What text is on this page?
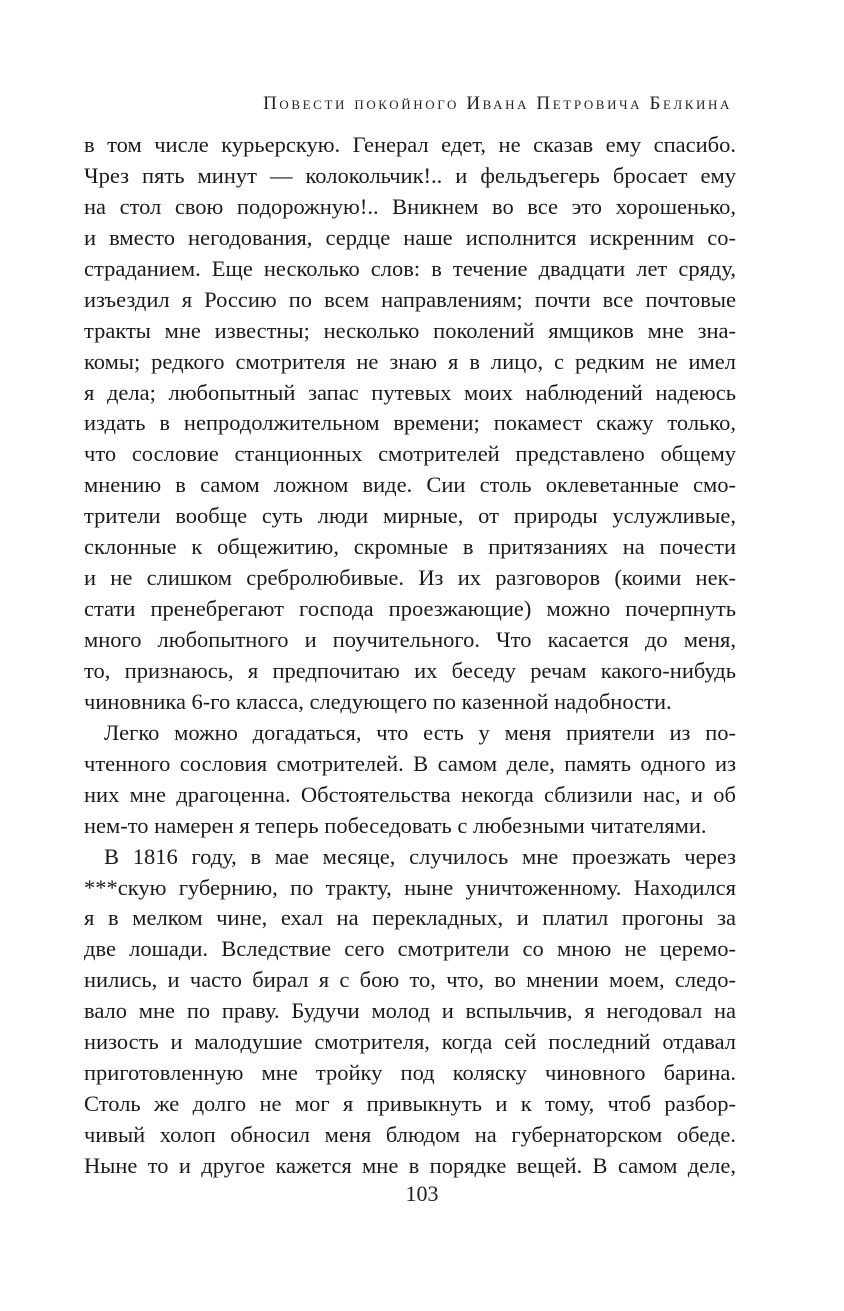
Повести покойного Ивана Петровича Белкина
в том числе курьерскую. Генерал едет, не сказав ему спасибо.
Чрез пять минут — колокольчик!.. и фельдъегерь бросает ему
на стол свою подорожную!.. Вникнем во все это хорошенько,
и вместо негодования, сердце наше исполнится искренним со-
страданием. Еще несколько слов: в течение двадцати лет сряду,
изъездил я Россию по всем направлениям; почти все почтовые
тракты мне известны; несколько поколений ямщиков мне зна-
комы; редкого смотрителя не знаю я в лицо, с редким не имел
я дела; любопытный запас путевых моих наблюдений надеюсь
издать в непродолжительном времени; покамест скажу только,
что сословие станционных смотрителей представлено общему
мнению в самом ложном виде. Сии столь оклеветанные смо-
трители вообще суть люди мирные, от природы услужливые,
склонные к общежитию, скромные в притязаниях на почести
и не слишком сребролюбивые. Из их разговоров (коими нек-
стати пренебрегают господа проезжающие) можно почерпнуть
много любопытного и поучительного. Что касается до меня,
то, признаюсь, я предпочитаю их беседу речам какого-нибудь
чиновника 6-го класса, следующего по казенной надобности.
Легко можно догадаться, что есть у меня приятели из по-
чтенного сословия смотрителей. В самом деле, память одного из
них мне драгоценна. Обстоятельства некогда сблизили нас, и об
нем-то намерен я теперь побеседовать с любезными читателями.
В 1816 году, в мае месяце, случилось мне проезжать через
***скую губернию, по тракту, ныне уничтоженному. Находился
я в мелком чине, ехал на перекладных, и платил прогоны за
две лошади. Вследствие сего смотрители со мною не церемо-
нились, и часто бирал я с бою то, что, во мнении моем, следо-
вало мне по праву. Будучи молод и вспыльчив, я негодовал на
низость и малодушие смотрителя, когда сей последний отдавал
приготовленную мне тройку под коляску чиновного барина.
Столь же долго не мог я привыкнуть и к тому, чтоб разбор-
чивый холоп обносил меня блюдом на губернаторском обеде.
Ныне то и другое кажется мне в порядке вещей. В самом деле,
103
